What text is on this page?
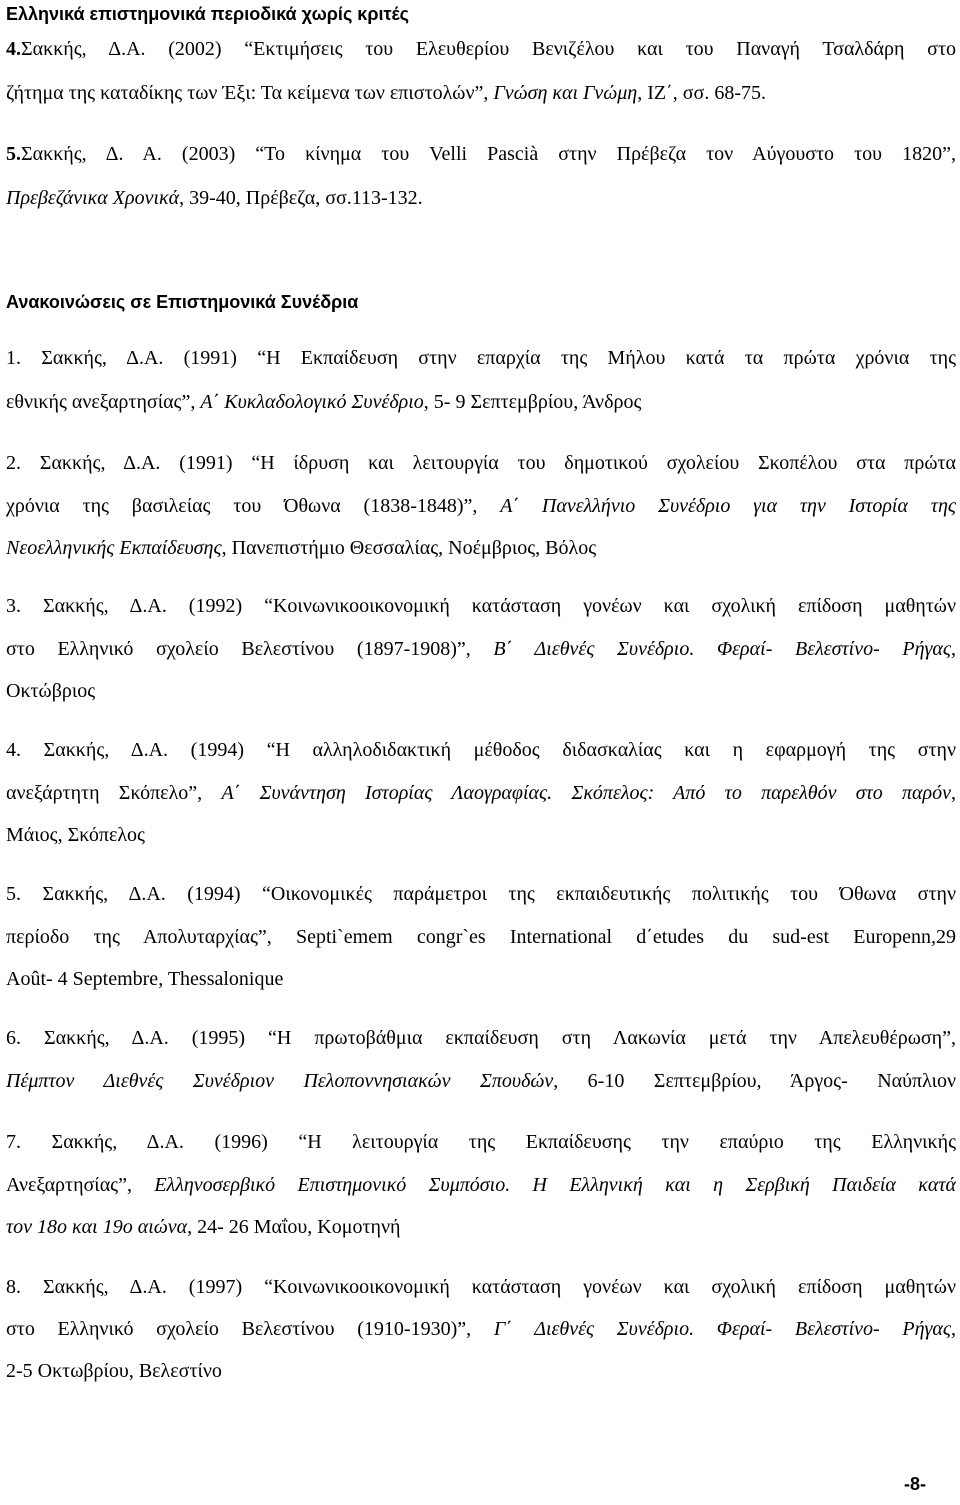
Ελληνικά επιστημονικά περιοδικά χωρίς κριτές
4.Σακκής, Δ.Α. (2002) “Εκτιμήσεις του Ελευθερίου Βενιζέλου και του Παναγή Τσαλδάρη στο
ζήτημα της καταδίκης των Έξι: Τα κείμενα των επιστολών”, Γνώση και Γνώμη, ΙΖ΄, σσ. 68-75.
5.Σακκής, Δ. Α. (2003) “Το κίνημα του Velli Pascià στην Πρέβεζα τον Αύγουστο του 1820”,
Πρεβεζάνικα Χρονικά, 39-40, Πρέβεζα, σσ.113-132.
Ανακοινώσεις σε Επιστημονικά Συνέδρια
1. Σακκής, Δ.Α. (1991) “Η Εκπαίδευση στην επαρχία της Μήλου κατά τα πρώτα χρόνια της
εθνικής ανεξαρτησίας”, Α΄ Κυκλαδολογικό Συνέδριο, 5- 9 Σεπτεμβρίου, Άνδρος
2. Σακκής, Δ.Α. (1991) “Η ίδρυση και λειτουργία του δημοτικού σχολείου Σκοπέλου στα πρώτα
χρόνια της βασιλείας του Όθωνα (1838-1848)”, Α΄ Πανελλήνιο Συνέδριο για την Ιστορία της
Νεοελληνικής Εκπαίδευσης, Πανεπιστήμιο Θεσσαλίας, Νοέμβριος, Βόλος
3. Σακκής, Δ.Α. (1992) “Κοινωνικοοικονομική κατάσταση γονέων και σχολική επίδοση μαθητών
στο Ελληνικό σχολείο Βελεστίνου (1897-1908)”, Β΄ Διεθνές Συνέδριο. Φεραί- Βελεστίνο- Ρήγας,
Οκτώβριος
4. Σακκής, Δ.Α. (1994) “Η αλληλοδιδακτική μέθοδος διδασκαλίας και η εφαρμογή της στην
ανεξάρτητη Σκόπελο”, Α΄ Συνάντηση Ιστορίας Λαογραφίας. Σκόπελος: Από το παρελθόν στο παρόν,
Μάιος, Σκόπελος
5. Σακκής, Δ.Α. (1994) “Οικονομικές παράμετροι της εκπαιδευτικής πολιτικής του Όθωνα στην
περίοδο της Απολυταρχίας”, Septi`emem congr`es International d΄etudes du sud-est Europenn,29
Août- 4 Septembre, Thessalonique
6. Σακκής, Δ.Α. (1995) “Η πρωτοβάθμια εκπαίδευση στη Λακωνία μετά την Απελευθέρωση”,
Πέμπτον Διεθνές Συνέδριον Πελοποννησιακών Σπουδών, 6-10 Σεπτεμβρίου, Άργος- Ναύπλιον
7. Σακκής, Δ.Α. (1996) “Η λειτουργία της Εκπαίδευσης την επαύριο της Ελληνικής
Ανεξαρτησίας”, Ελληνοσερβικό Επιστημονικό Συμπόσιο. Η Ελληνική και η Σερβική Παιδεία κατά
τον 18ο και 19ο αιώνα, 24- 26 Μαΐου, Κομοτηνή
8. Σακκής, Δ.Α. (1997) “Κοινωνικοοικονομική κατάσταση γονέων και σχολική επίδοση μαθητών
στο Ελληνικό σχολείο Βελεστίνου (1910-1930)”, Γ΄ Διεθνές Συνέδριο. Φεραί- Βελεστίνο- Ρήγας,
2-5 Οκτωβρίου, Βελεστίνο
-8-
